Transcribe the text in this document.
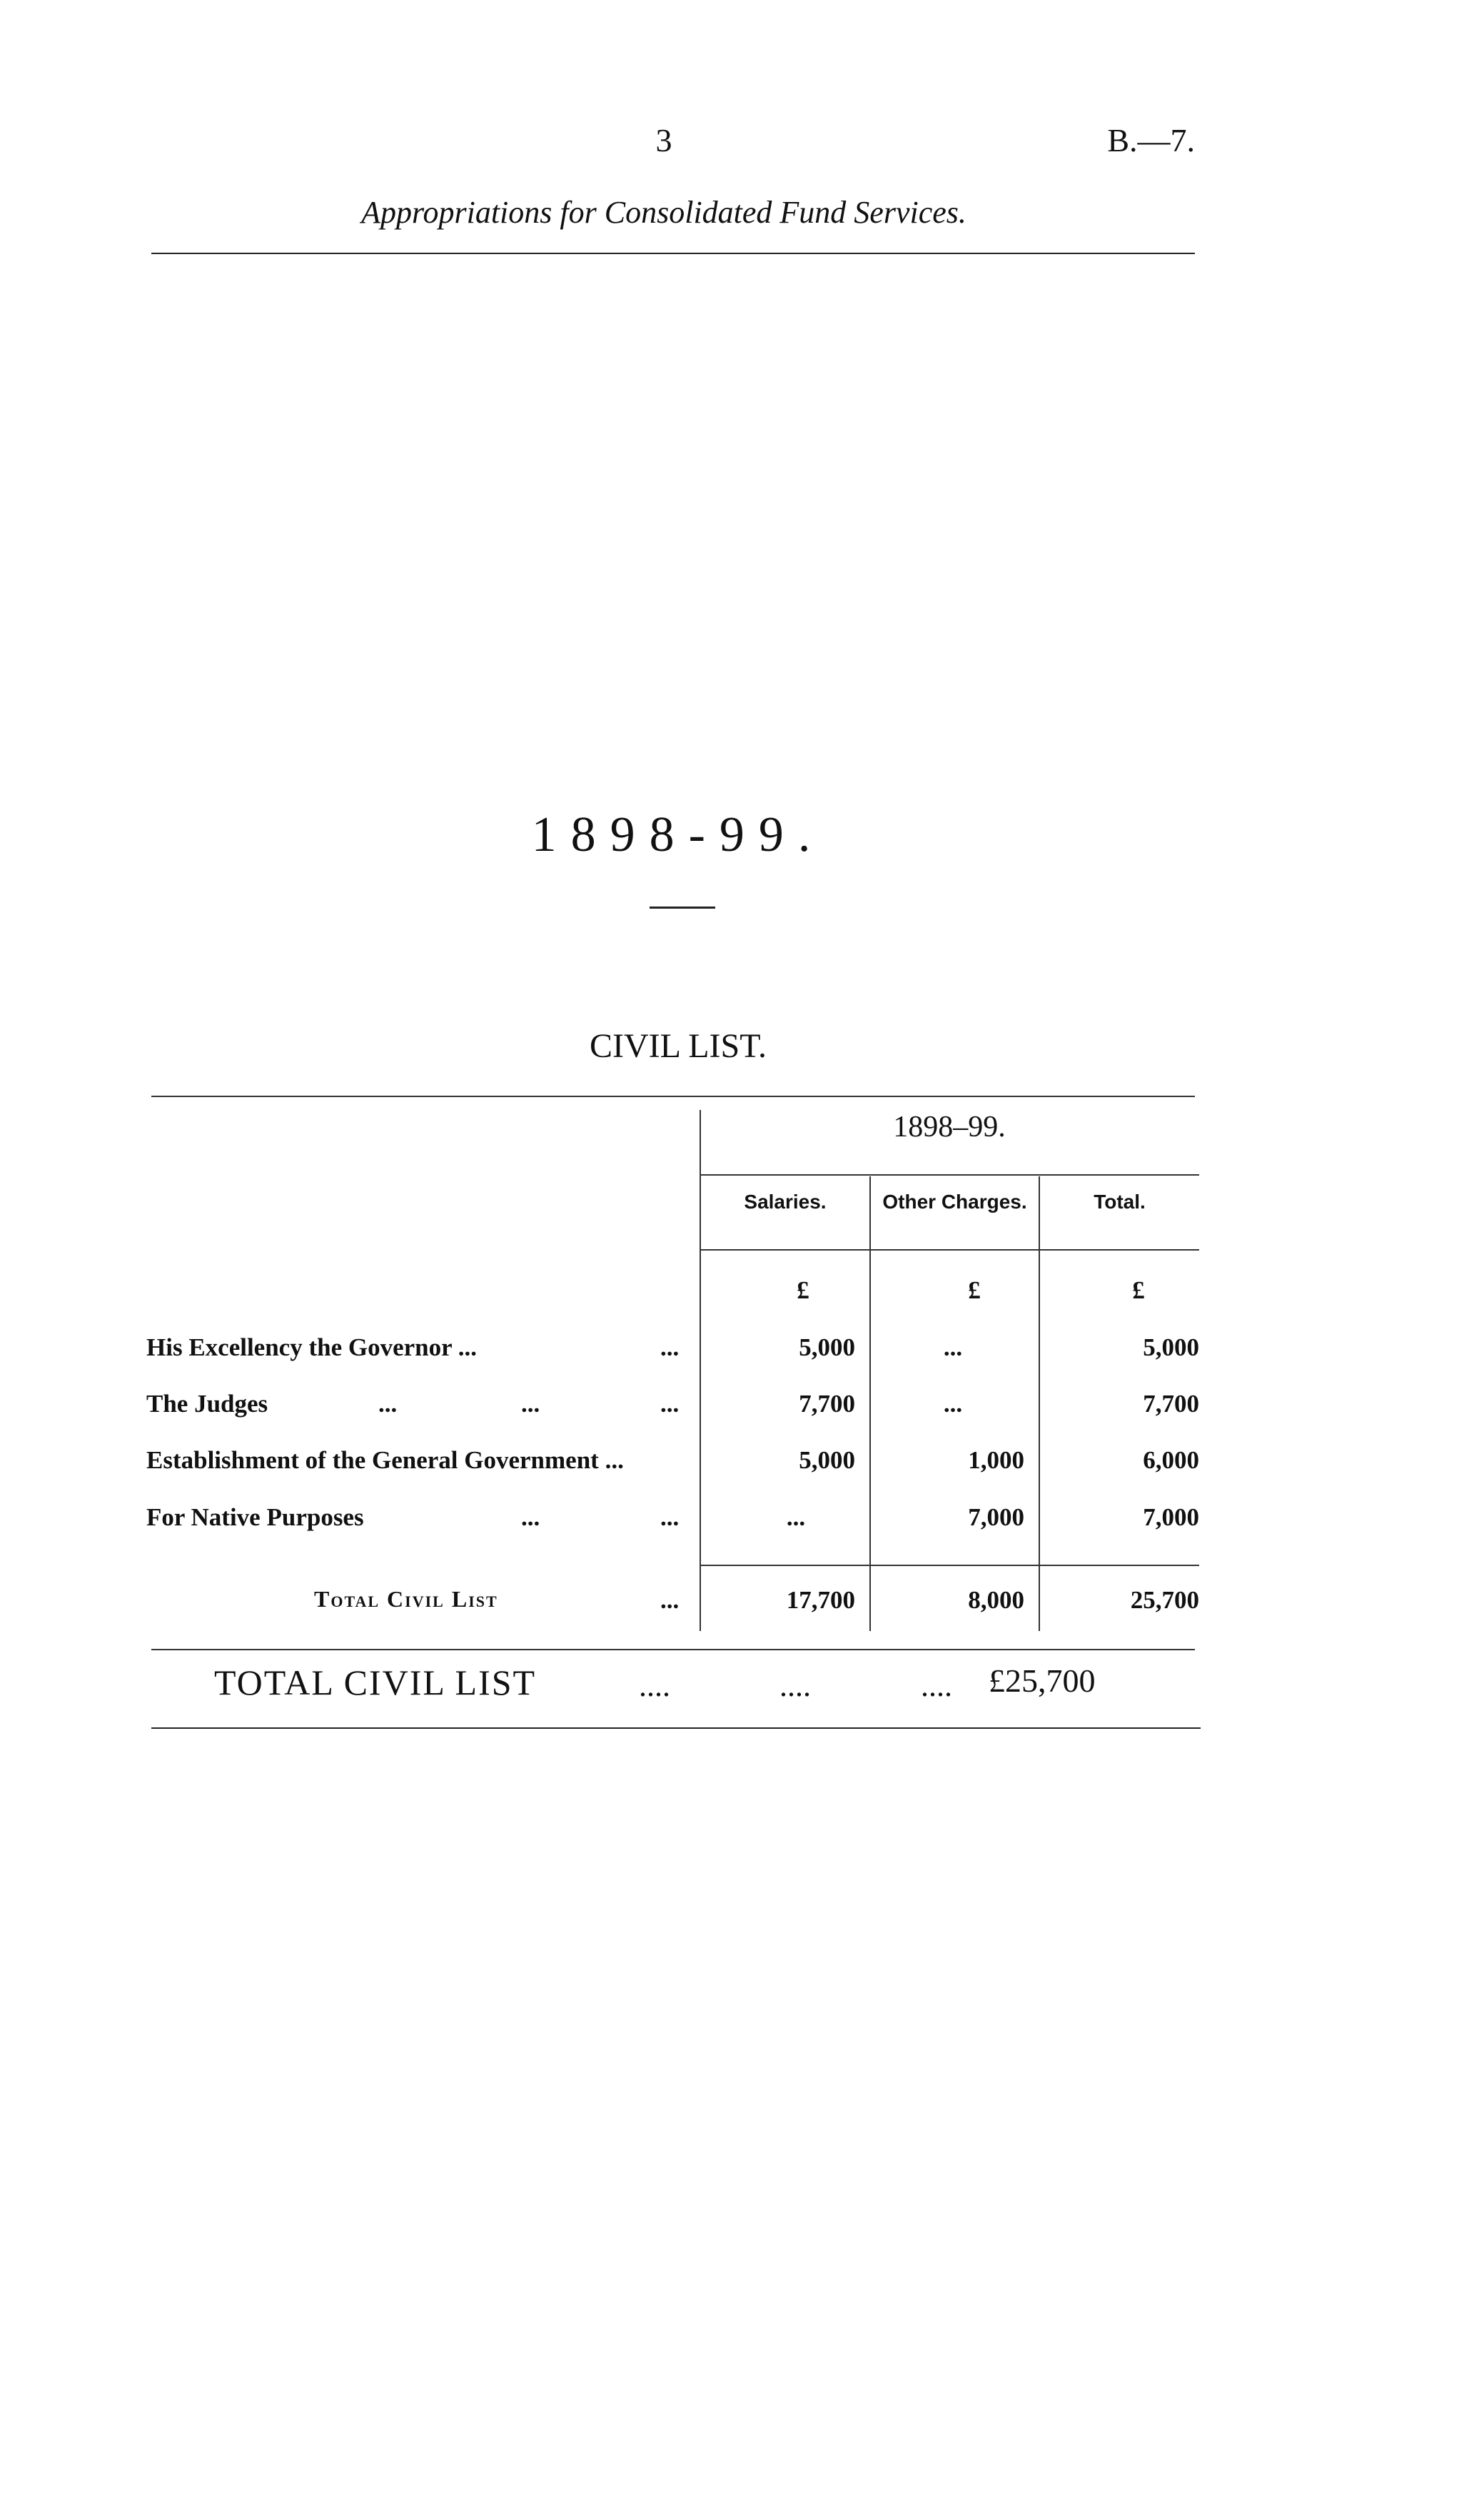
3	B.—7.
Appropriations for Consolidated Fund Services.
1898-99.
CIVIL LIST.
1898–99.
Salaries.	Other Charges.	Total.
£	£	£
His Excellency the Governor ...	...	5,000	...	5,000
The Judges	...	...	...	7,700	...	7,700
Establishment of the General Government ...	5,000	1,000	6,000
For Native Purposes	...	...	...	7,000	7,000
Total Civil List	...	17,700	8,000	25,700
TOTAL CIVIL LIST	....	....	.... £25,700
